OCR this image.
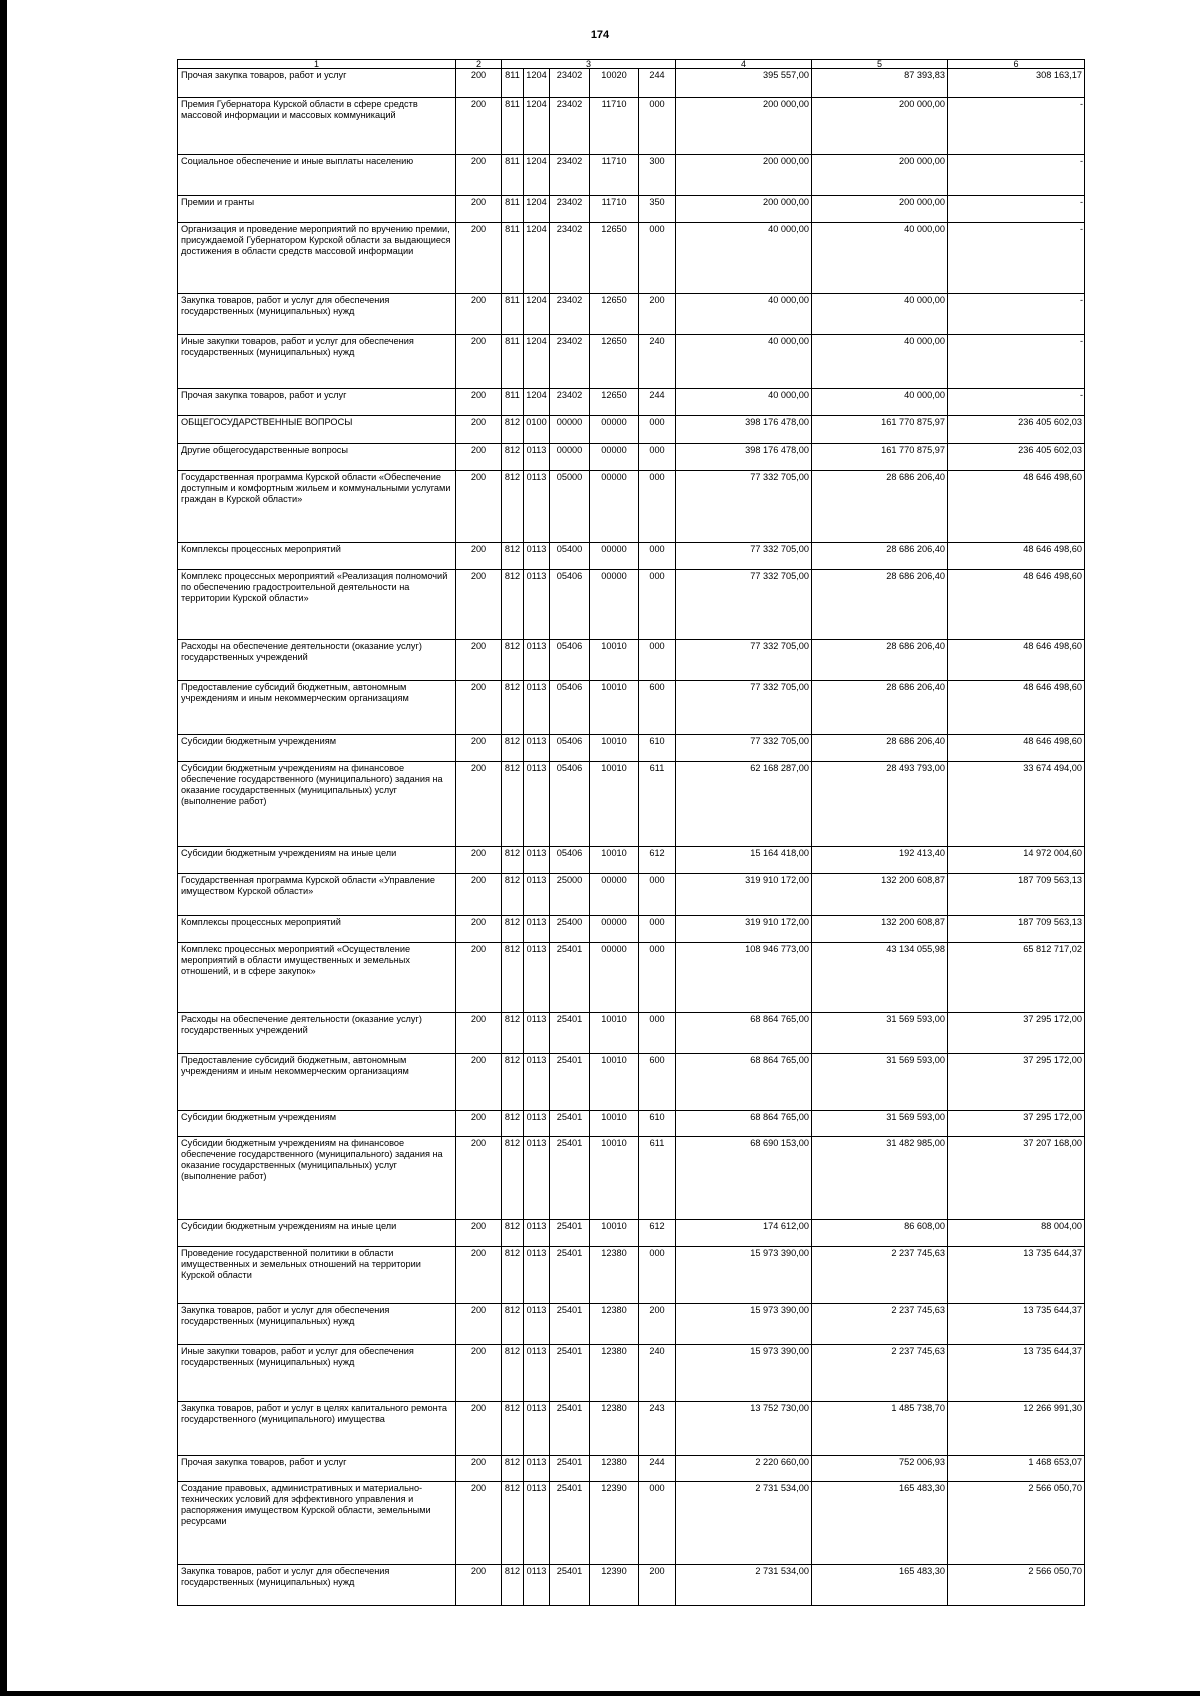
174
1	2	3					4	5	6
Прочая закупка товаров, работ и услуг	200	811	1204	23402	10020	244	395 557,00	87 393,83	308 163,17
Премия Губернатора Курской области в сфере средств массовой информации и массовых коммуникаций	200	811	1204	23402	11710	000	200 000,00	200 000,00	-
Социальное обеспечение и иные выплаты населению	200	811	1204	23402	11710	300	200 000,00	200 000,00	-
Премии и гранты	200	811	1204	23402	11710	350	200 000,00	200 000,00	-
Организация и проведение мероприятий по вручению премии, присуждаемой Губернатором Курской области за выдающиеся достижения в области средств массовой информации	200	811	1204	23402	12650	000	40 000,00	40 000,00	-
Закупка товаров, работ и услуг для обеспечения государственных (муниципальных) нужд	200	811	1204	23402	12650	200	40 000,00	40 000,00	-
Иные закупки товаров, работ и услуг для обеспечения государственных (муниципальных) нужд	200	811	1204	23402	12650	240	40 000,00	40 000,00	-
Прочая закупка товаров, работ и услуг	200	811	1204	23402	12650	244	40 000,00	40 000,00	-
ОБЩЕГОСУДАРСТВЕННЫЕ ВОПРОСЫ	200	812	0100	00000	00000	000	398 176 478,00	161 770 875,97	236 405 602,03
Другие общегосударственные вопросы	200	812	0113	00000	00000	000	398 176 478,00	161 770 875,97	236 405 602,03
Государственная программа Курской области «Обеспечение доступным и комфортным жильем и коммунальными услугами граждан в Курской области»	200	812	0113	05000	00000	000	77 332 705,00	28 686 206,40	48 646 498,60
Комплексы процессных мероприятий	200	812	0113	05400	00000	000	77 332 705,00	28 686 206,40	48 646 498,60
Комплекс процессных мероприятий «Реализация полномочий по обеспечению градостроительной деятельности на территории Курской области»	200	812	0113	05406	00000	000	77 332 705,00	28 686 206,40	48 646 498,60
Расходы на обеспечение деятельности (оказание услуг) государственных учреждений	200	812	0113	05406	10010	000	77 332 705,00	28 686 206,40	48 646 498,60
Предоставление субсидий бюджетным, автономным учреждениям и иным некоммерческим организациям	200	812	0113	05406	10010	600	77 332 705,00	28 686 206,40	48 646 498,60
Субсидии бюджетным учреждениям	200	812	0113	05406	10010	610	77 332 705,00	28 686 206,40	48 646 498,60
Субсидии бюджетным учреждениям на финансовое обеспечение государственного (муниципального) задания на оказание государственных (муниципальных) услуг (выполнение работ)	200	812	0113	05406	10010	611	62 168 287,00	28 493 793,00	33 674 494,00
Субсидии бюджетным учреждениям на иные цели	200	812	0113	05406	10010	612	15 164 418,00	192 413,40	14 972 004,60
Государственная программа Курской области «Управление имуществом Курской области»	200	812	0113	25000	00000	000	319 910 172,00	132 200 608,87	187 709 563,13
Комплексы процессных мероприятий	200	812	0113	25400	00000	000	319 910 172,00	132 200 608,87	187 709 563,13
Комплекс процессных мероприятий «Осуществление мероприятий в области имущественных и земельных отношений, и в сфере закупок»	200	812	0113	25401	00000	000	108 946 773,00	43 134 055,98	65 812 717,02
Расходы на обеспечение деятельности (оказание услуг) государственных учреждений	200	812	0113	25401	10010	000	68 864 765,00	31 569 593,00	37 295 172,00
Предоставление субсидий бюджетным, автономным учреждениям и иным некоммерческим организациям	200	812	0113	25401	10010	600	68 864 765,00	31 569 593,00	37 295 172,00
Субсидии бюджетным учреждениям	200	812	0113	25401	10010	610	68 864 765,00	31 569 593,00	37 295 172,00
Субсидии бюджетным учреждениям на финансовое обеспечение государственного (муниципального) задания на оказание государственных (муниципальных) услуг (выполнение работ)	200	812	0113	25401	10010	611	68 690 153,00	31 482 985,00	37 207 168,00
Субсидии бюджетным учреждениям на иные цели	200	812	0113	25401	10010	612	174 612,00	86 608,00	88 004,00
Проведение государственной политики в области имущественных и земельных отношений на территории Курской области	200	812	0113	25401	12380	000	15 973 390,00	2 237 745,63	13 735 644,37
Закупка товаров, работ и услуг для обеспечения государственных (муниципальных) нужд	200	812	0113	25401	12380	200	15 973 390,00	2 237 745,63	13 735 644,37
Иные закупки товаров, работ и услуг для обеспечения государственных (муниципальных) нужд	200	812	0113	25401	12380	240	15 973 390,00	2 237 745,63	13 735 644,37
Закупка товаров, работ и услуг в целях капитального ремонта государственного (муниципального) имущества	200	812	0113	25401	12380	243	13 752 730,00	1 485 738,70	12 266 991,30
Прочая закупка товаров, работ и услуг	200	812	0113	25401	12380	244	2 220 660,00	752 006,93	1 468 653,07
Создание правовых, административных и материально-технических условий для эффективного управления и распоряжения имуществом Курской области, земельными ресурсами	200	812	0113	25401	12390	000	2 731 534,00	165 483,30	2 566 050,70
Закупка товаров, работ и услуг для обеспечения государственных (муниципальных) нужд	200	812	0113	25401	12390	200	2 731 534,00	165 483,30	2 566 050,70
